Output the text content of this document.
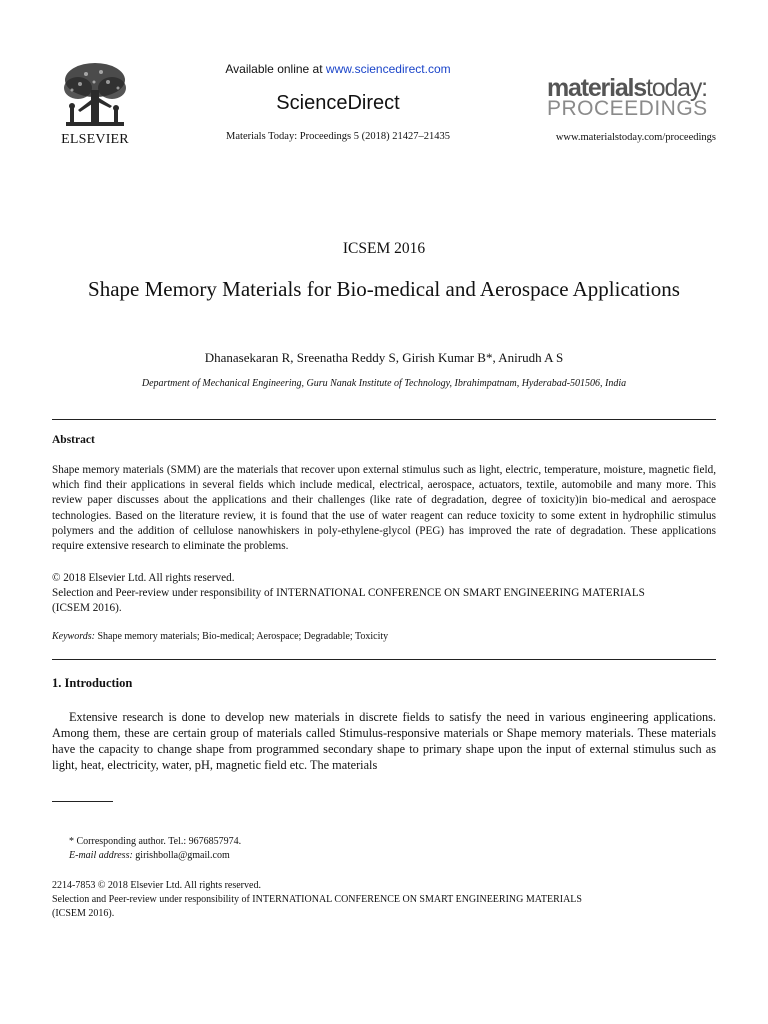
ELSEVIER
Available online at www.sciencedirect.com
ScienceDirect
Materials Today: Proceedings 5 (2018) 21427–21435
materialstoday:
PROCEEDINGS
www.materialstoday.com/proceedings
ICSEM 2016
Shape Memory Materials for Bio-medical and Aerospace Applications
Dhanasekaran R, Sreenatha Reddy S, Girish Kumar B*, Anirudh A S
Department of Mechanical Engineering, Guru Nanak Institute of Technology, Ibrahimpatnam, Hyderabad-501506, India
Abstract
Shape memory materials (SMM) are the materials that recover upon external stimulus such as light, electric, temperature, moisture, magnetic field, which find their applications in several fields which include medical, electrical, aerospace, actuators, textile, automobile and many more. This review paper discusses about the applications and their challenges (like rate of degradation, degree of toxicity)in bio-medical and aerospace technologies. Based on the literature review, it is found that the use of water reagent can reduce toxicity to some extent in hydrophilic stimulus polymers and the addition of cellulose nanowhiskers in poly-ethylene-glycol (PEG) has improved the rate of degradation. These applications require extensive research to eliminate the problems.
© 2018 Elsevier Ltd. All rights reserved.
Selection and Peer-review under responsibility of INTERNATIONAL CONFERENCE ON SMART ENGINEERING MATERIALS (ICSEM 2016).
Keywords: Shape memory materials; Bio-medical; Aerospace; Degradable; Toxicity
1. Introduction
Extensive research is done to develop new materials in discrete fields to satisfy the need in various engineering applications. Among them, these are certain group of materials called Stimulus-responsive materials or Shape memory materials. These materials have the capacity to change shape from programmed secondary shape to primary shape upon the input of external stimulus such as light, heat, electricity, water, pH, magnetic field etc. The materials
* Corresponding author. Tel.: 9676857974.
E-mail address: girishbolla@gmail.com
2214-7853 © 2018 Elsevier Ltd. All rights reserved.
Selection and Peer-review under responsibility of INTERNATIONAL CONFERENCE ON SMART ENGINEERING MATERIALS (ICSEM 2016).
